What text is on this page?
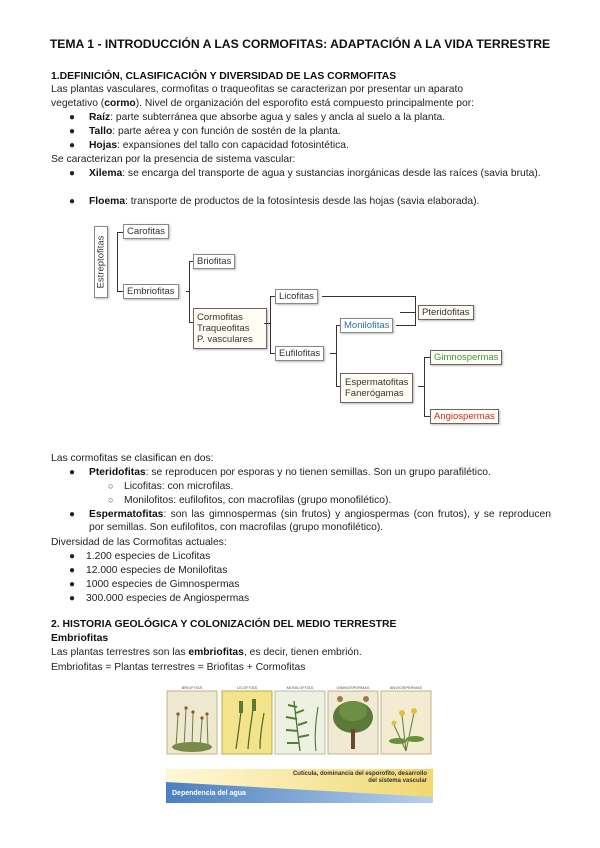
TEMA 1 - INTRODUCCIÓN A LAS CORMOFITAS: ADAPTACIÓN A LA VIDA TERRESTRE
1.DEFINICIÓN, CLASIFICACIÓN Y DIVERSIDAD DE LAS CORMOFITAS
Las plantas vasculares, cormofitas o traqueofitas se caracterizan por presentar un aparato
vegetativo (cormo). Nivel de organización del esporofito está compuesto principalmente por:
● Raíz: parte subterránea que absorbe agua y sales y ancla al suelo a la planta.
● Tallo: parte aérea y con función de sostén de la planta.
● Hojas: expansiones del tallo con capacidad fotosintética.
Se caracterizan por la presencia de sistema vascular:
● Xilema: se encarga del transporte de agua y sustancias inorgánicas desde las raíces (savia bruta).
● Floema: transporte de productos de la fotosíntesis desde las hojas (savia elaborada).
Estreptofitas
Carofitas
Embriofitas
Briofitas
Cormofitas
Traqueofitas
P. vasculares
Licofitas
Eufilofitas
Pteridofitas
Monilofitas
Espermatofitas
Fanerógamas
Gimnospermas
Angiospermas
Las cormofitas se clasifican en dos:
● Pteridofitas: se reproducen por esporas y no tienen semillas. Son un grupo parafilético.
○ Licofitas: con microfilas.
○ Monilofitos: eufilofitos, con macrofilas (grupo monofilético).
● Espermatofitas: son las gimnospermas (sin frutos) y angiospermas (con frutos), y se reproducen por semillas. Son eufilofitos, con macrofilas (grupo monofilético).
Diversidad de las Cormofitas actuales:
● 1.200 especies de Licofitas
● 12.000 especies de Monilofitas
● 1000 especies de Gimnospermas
● 300.000 especies de Angiospermas
2. HISTORIA GEOLÓGICA Y COLONIZACIÓN DEL MEDIO TERRESTRE
Embriofitas
Las plantas terrestres son las embriofitas, es decir, tienen embrión.
Embriofitas = Plantas terrestres = Briofitas + Cormofitas
BRIOFITAS	LICOFITAS	MONILOFITAS	GIMNOSPERMAS	ANGIOSPERMAS
Cutícula, dominancia del esporofito, desarrollo
del sistema vascular
Dependencia del agua
